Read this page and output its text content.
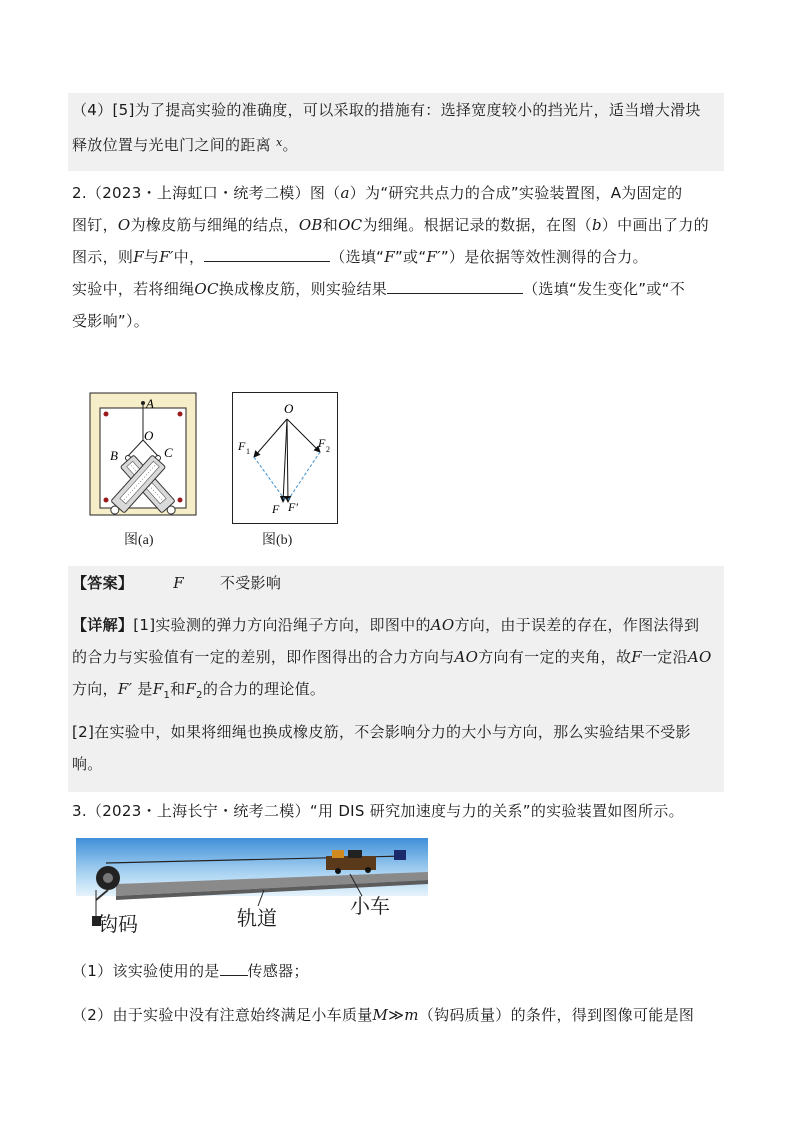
（4）[5]为了提高实验的准确度，可以采取的措施有：选择宽度较小的挡光片，适当增大滑块
释放位置与光电门之间的距离 $^x$。
2.（2023・上海虹口・统考二模）图（a）为“研究共点力的合成”实验装置图，A为固定的
图钉，O为橡皮筋与细绳的结点，OB和OC为细绳。根据记录的数据，在图（b）中画出了力的
图示，则F与F′中，	（选填“F”或“F′”）是依据等效性测得的合力。
实验中，若将细绳OC换成橡皮筋，则实验结果	（选填“发生变化”或“不
受影响”）。
A
O
B	C
图(a)
O
F 1
F 2
F F′
图(b)
【答案】	F 不受影响
【详解】[1]实验测的弹力方向沿绳子方向，即图中的AO方向，由于误差的存在，作图法得到
的合力与实验值有一定的差别，即作图得出的合力方向与AO方向有一定的夹角，故F一定沿AO
方向，F′ 是$F_1$和$F_2$的合力的理论值。
[2]在实验中，如果将细绳也换成橡皮筋，不会影响分力的大小与方向，那么实验结果不受影
响。
3.（2023・上海长宁・统考二模）“用 DIS 研究加速度与力的关系”的实验装置如图所示。
钩码	轨道	小车
（1）该实验使用的是 传感器；
（2）由于实验中没有注意始终满足小车质量M≫m（钩码质量）的条件，得到图像可能是图
